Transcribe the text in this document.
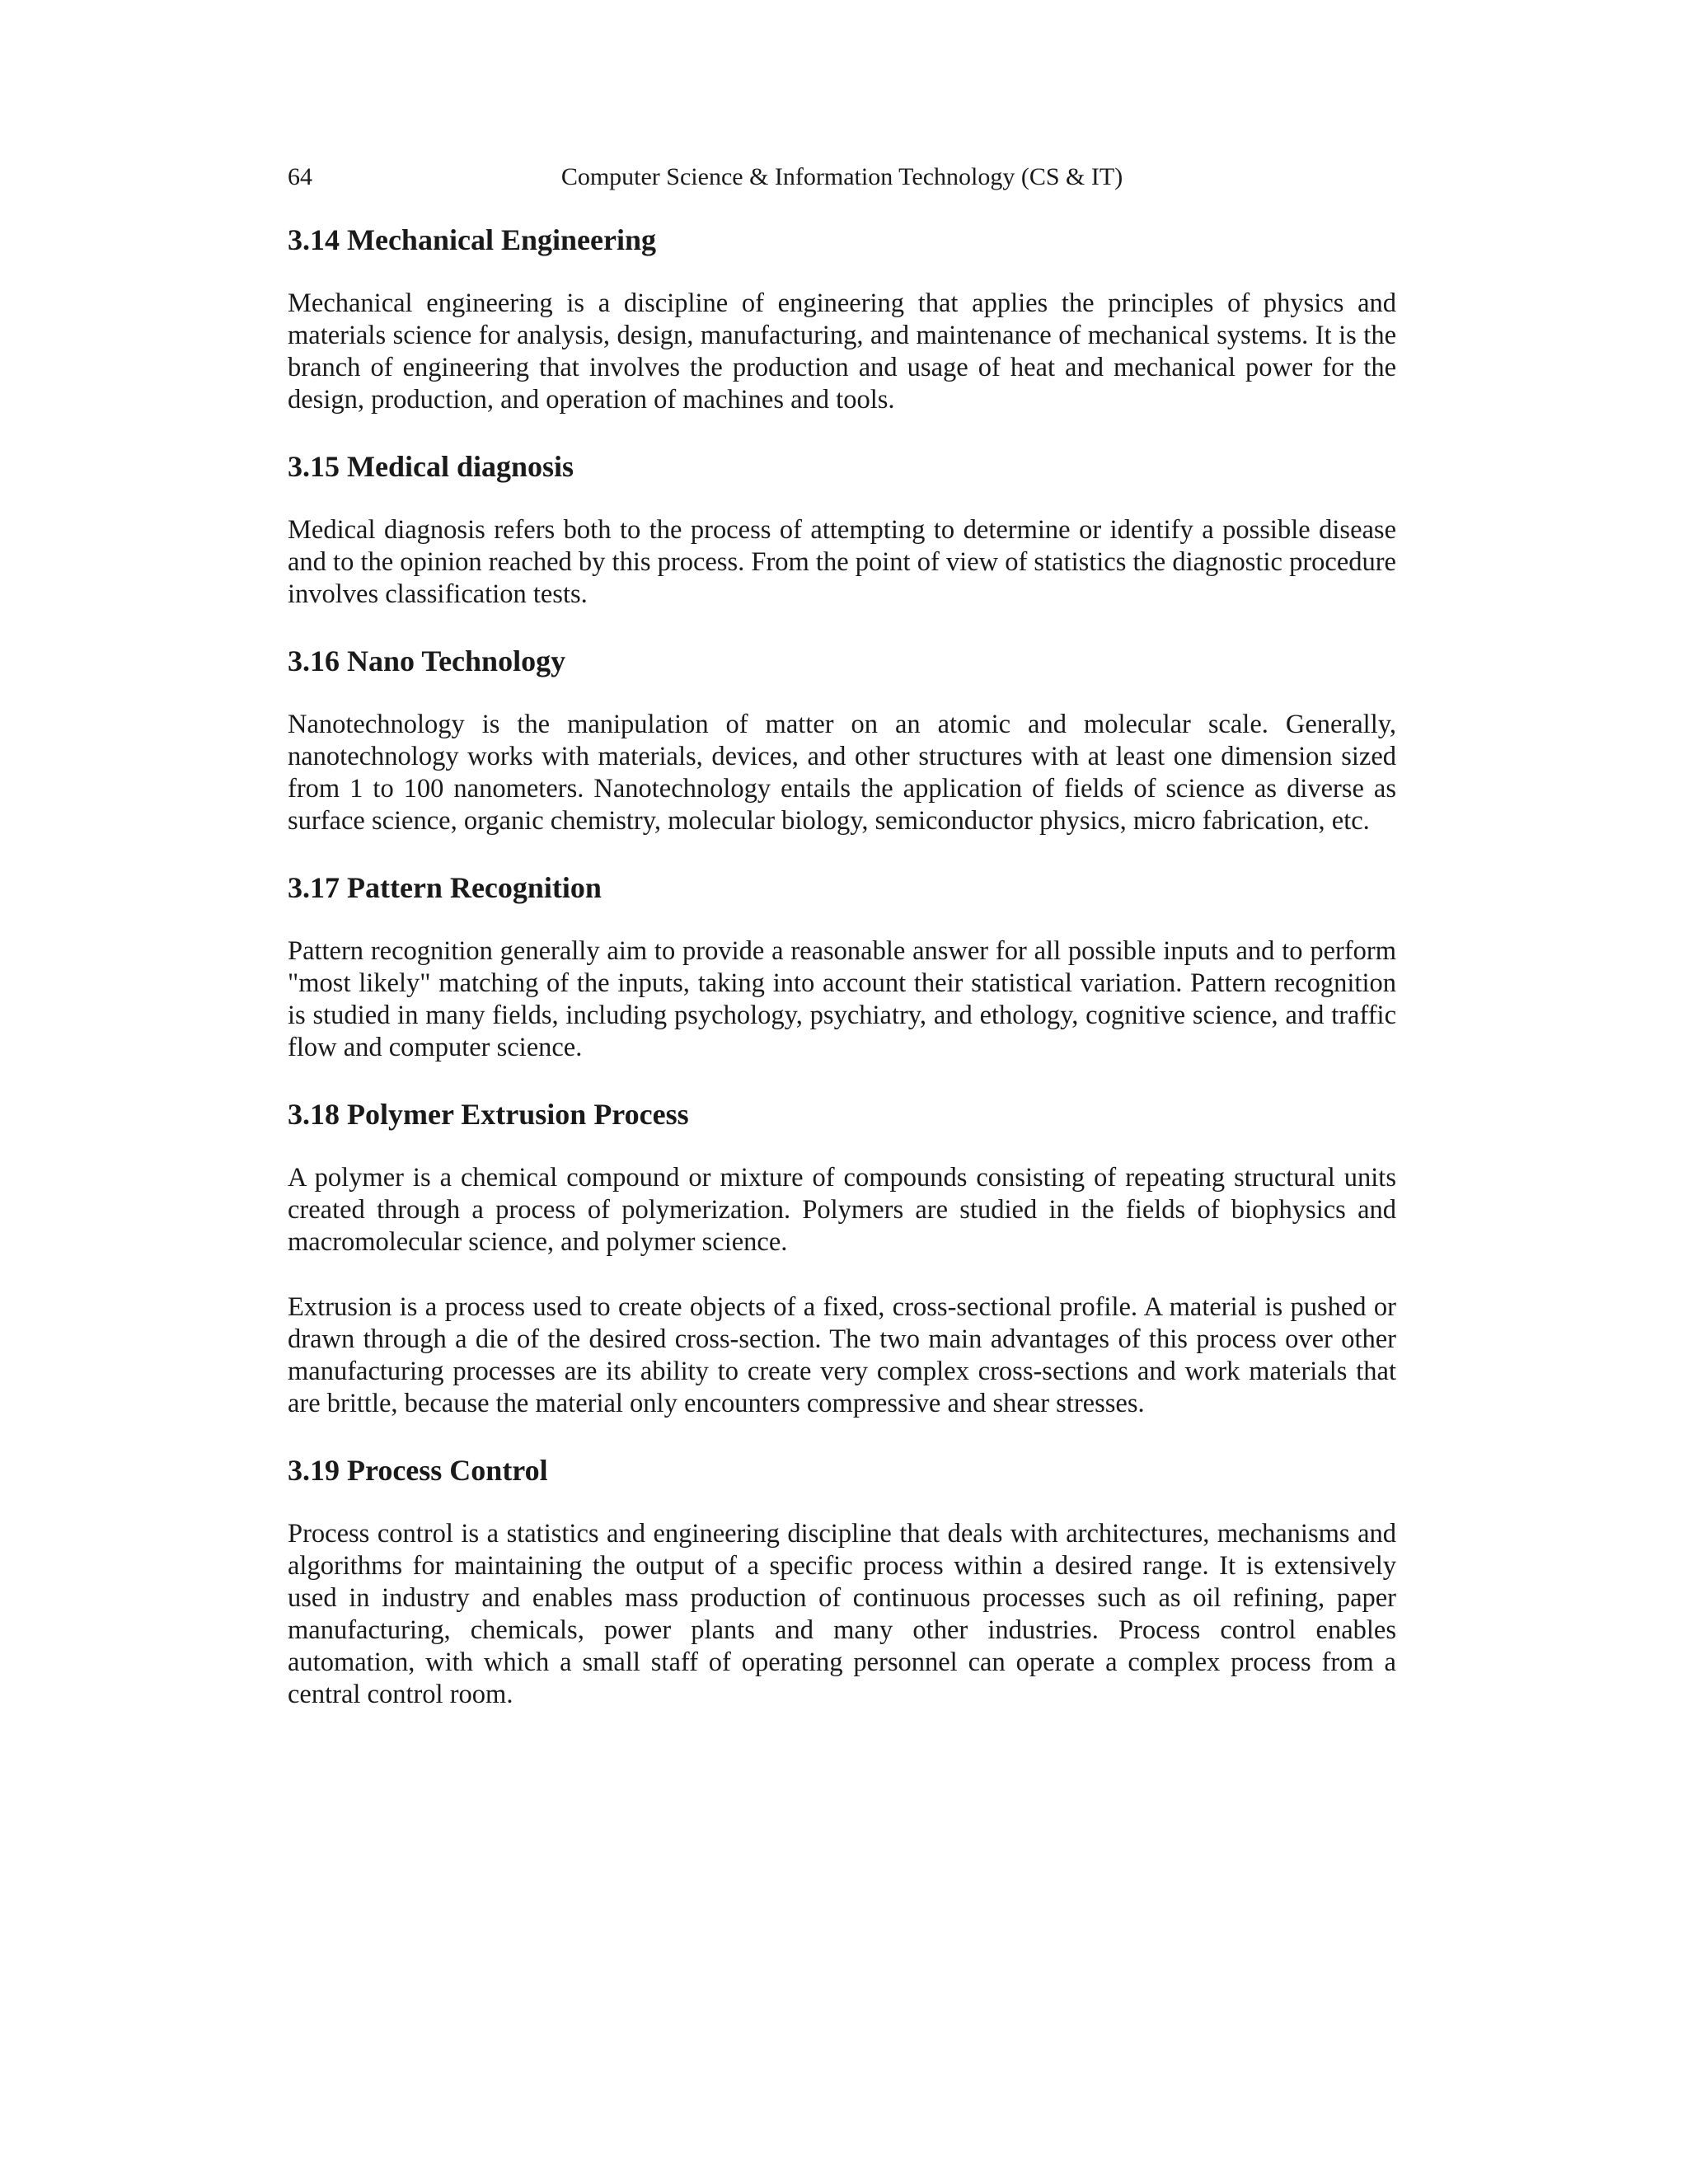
64	Computer Science & Information Technology (CS & IT)
3.14 Mechanical Engineering

Mechanical engineering is a discipline of engineering that applies the principles of physics and materials science for analysis, design, manufacturing, and maintenance of mechanical systems. It is the branch of engineering that involves the production and usage of heat and mechanical power for the design, production, and operation of machines and tools.

3.15 Medical diagnosis

Medical diagnosis refers both to the process of attempting to determine or identify a possible disease and to the opinion reached by this process. From the point of view of statistics the diagnostic procedure involves classification tests.

3.16 Nano Technology

Nanotechnology is the manipulation of matter on an atomic and molecular scale. Generally, nanotechnology works with materials, devices, and other structures with at least one dimension sized from 1 to 100 nanometers. Nanotechnology entails the application of fields of science as diverse as surface science, organic chemistry, molecular biology, semiconductor physics, micro fabrication, etc.

3.17 Pattern Recognition

Pattern recognition generally aim to provide a reasonable answer for all possible inputs and to perform "most likely" matching of the inputs, taking into account their statistical variation. Pattern recognition is studied in many fields, including psychology, psychiatry, and ethology, cognitive science, and traffic flow and computer science.

3.18 Polymer Extrusion Process

A polymer is a chemical compound or mixture of compounds consisting of repeating structural units created through a process of polymerization. Polymers are studied in the fields of biophysics and macromolecular science, and polymer science.

Extrusion is a process used to create objects of a fixed, cross-sectional profile. A material is pushed or drawn through a die of the desired cross-section. The two main advantages of this process over other manufacturing processes are its ability to create very complex cross-sections and work materials that are brittle, because the material only encounters compressive and shear stresses.

3.19 Process Control

Process control is a statistics and engineering discipline that deals with architectures, mechanisms and algorithms for maintaining the output of a specific process within a desired range. It is extensively used in industry and enables mass production of continuous processes such as oil refining, paper manufacturing, chemicals, power plants and many other industries. Process control enables automation, with which a small staff of operating personnel can operate a complex process from a central control room.
